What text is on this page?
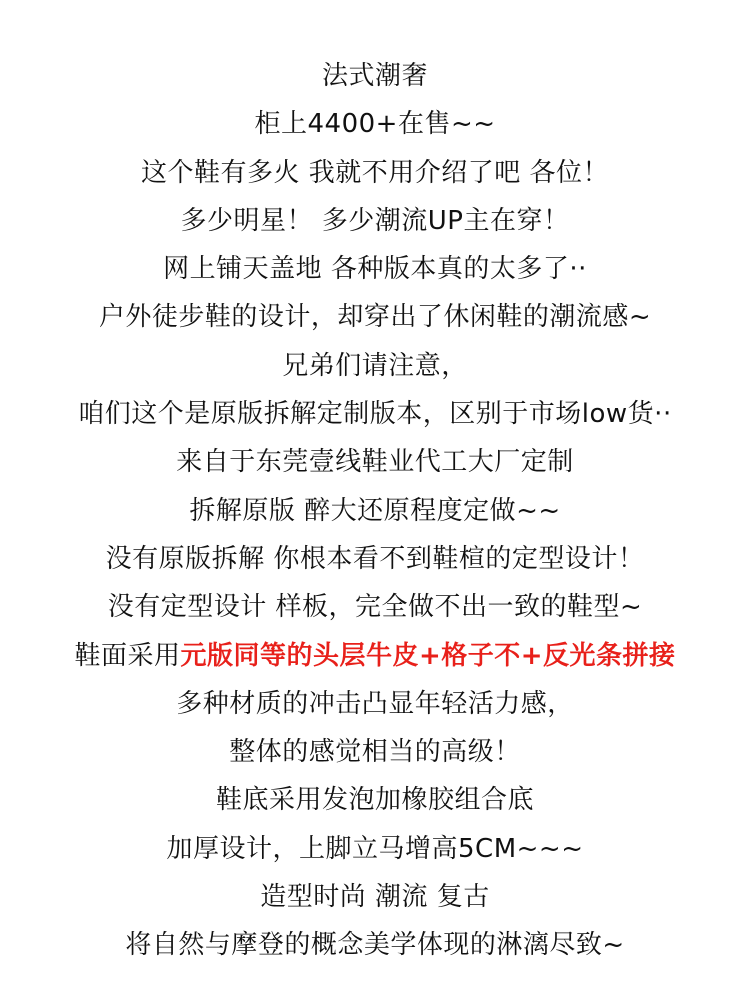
法式潮奢
柜上4400+在售~~
这个鞋有多火 我就不用介绍了吧 各位！
多少明星！ 多少潮流UP主在穿！
网上铺天盖地 各种版本真的太多了··
户外徒步鞋的设计，却穿出了休闲鞋的潮流感~
兄弟们请注意，
咱们这个是原版拆解定制版本，区别于市场low货··
来自于东莞壹线鞋业代工大厂定制
拆解原版 醉大还原程度定做~~
没有原版拆解 你根本看不到鞋楦的定型设计！
没有定型设计 样板，完全做不出一致的鞋型~
鞋面采用元版同等的头层牛皮+格子不+反光条拼接
多种材质的冲击凸显年轻活力感，
整体的感觉相当的高级！
鞋底采用发泡加橡胶组合底
加厚设计，上脚立马增高5CM~~~
造型时尚 潮流 复古
将自然与摩登的概念美学体现的淋漓尽致~
